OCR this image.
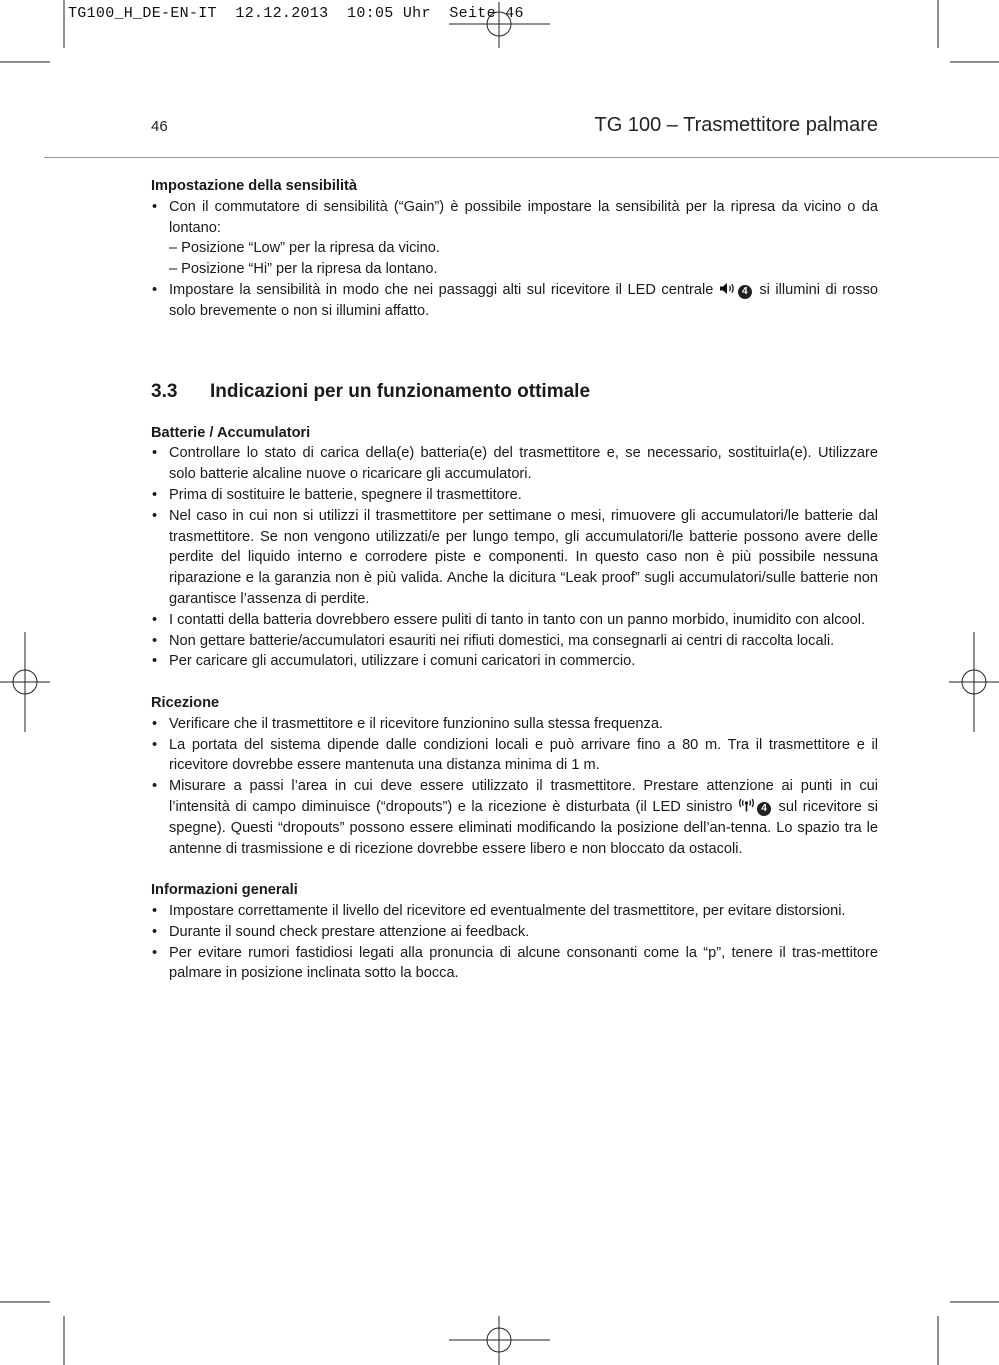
TG100_H_DE-EN-IT  12.12.2013  10:05 Uhr  Seite 46
46	TG 100 – Trasmettitore palmare

Impostazione della sensibilità

• Con il commutatore di sensibilità (“Gain”) è possibile impostare la sensibilità per la ripresa da vicino o da lontano:
– Posizione “Low” per la ripresa da vicino.
– Posizione “Hi” per la ripresa da lontano.
• Impostare la sensibilità in modo che nei passaggi alti sul ricevitore il LED centrale	4 si illumini di rosso solo brevemente o non si illumini affatto.
3.3 Indicazioni per un funzionamento ottimale

Batterie / Accumulatori

• Controllare lo stato di carica della(e) batteria(e) del trasmettitore e, se necessario, sostituirla(e). Utilizzare solo batterie alcaline nuove o ricaricare gli accumulatori.
• Prima di sostituire le batterie, spegnere il trasmettitore.
• Nel caso in cui non si utilizzi il trasmettitore per settimane o mesi, rimuovere gli accumulatori/le batterie dal trasmettitore. Se non vengono utilizzati/e per lungo tempo, gli accumulatori/le batterie possono avere delle perdite del liquido interno e corrodere piste e componenti. In questo caso non è più possibile nessuna riparazione e la garanzia non è più valida. Anche la dicitura “Leak proof” sugli accumulatori/sulle batterie non garantisce l’assenza di perdite.
• I contatti della batteria dovrebbero essere puliti di tanto in tanto con un panno morbido, inumidito con alcool.
• Non gettare batterie/accumulatori esauriti nei rifiuti domestici, ma consegnarli ai centri di raccolta locali.
• Per caricare gli accumulatori, utilizzare i comuni caricatori in commercio.

Ricezione

• Verificare che il trasmettitore e il ricevitore funzionino sulla stessa frequenza.
• La portata del sistema dipende dalle condizioni locali e può arrivare fino a 80 m. Tra il trasmettitore e il ricevitore dovrebbe essere mantenuta una distanza minima di 1 m.
• Misurare a passi l’area in cui deve essere utilizzato il trasmettitore. Prestare attenzione ai punti in cui l’intensità di campo diminuisce (“dropouts”) e la ricezione è disturbata (il LED sinistro	4 sul ricevitore si spegne). Questi “dropouts” possono essere eliminati modificando la posizione dell’an-tenna. Lo spazio tra le antenne di trasmissione e di ricezione dovrebbe essere libero e non bloccato da ostacoli.

Informazioni generali

• Impostare correttamente il livello del ricevitore ed eventualmente del trasmettitore, per evitare distorsioni.
• Durante il sound check prestare attenzione ai feedback.
• Per evitare rumori fastidiosi legati alla pronuncia di alcune consonanti come la “p”, tenere il tras-mettitore palmare in posizione inclinata sotto la bocca.
